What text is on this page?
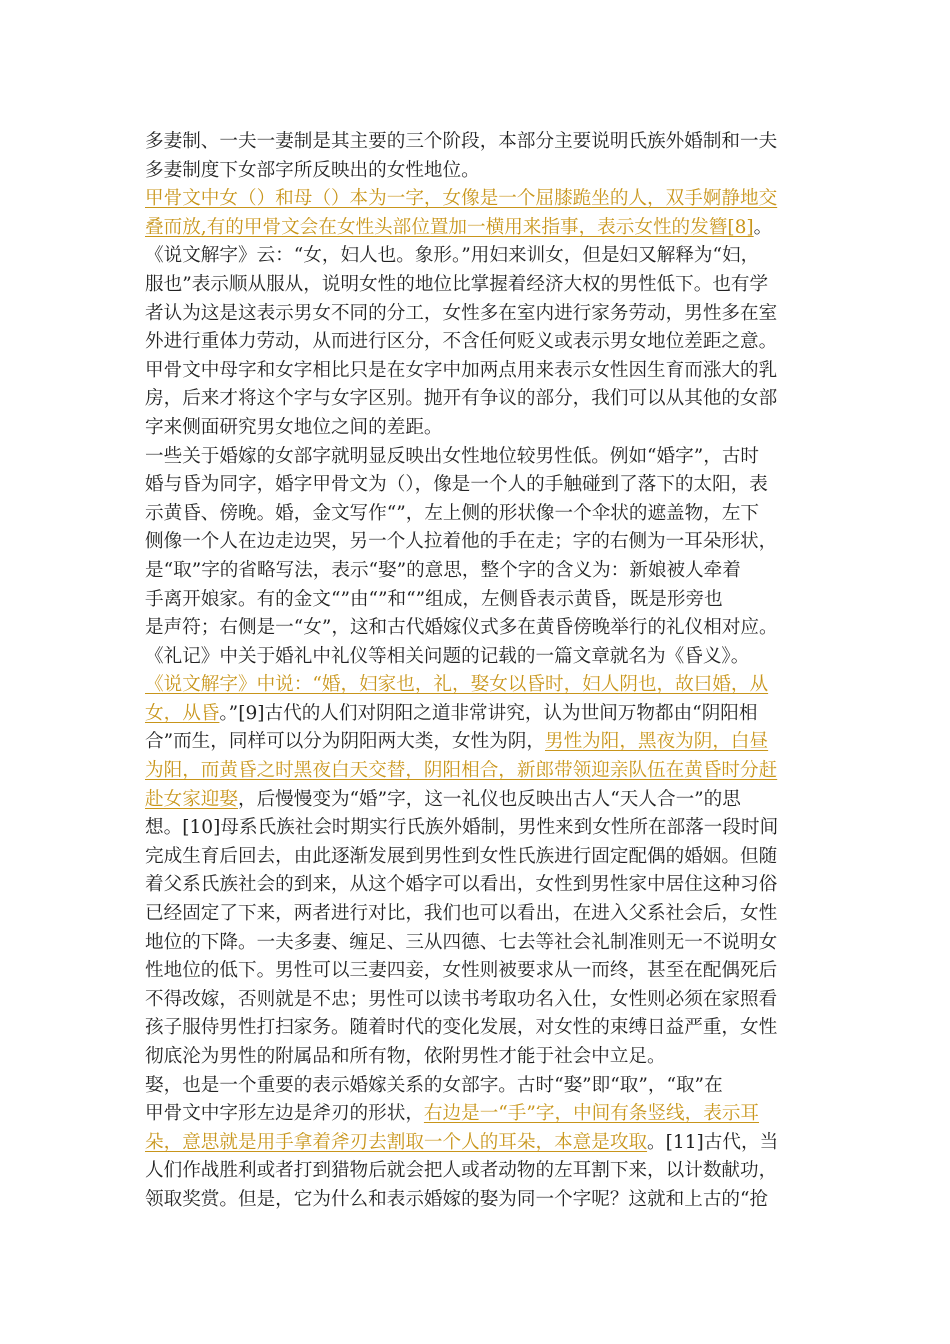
多妻制、一夫一妻制是其主要的三个阶段，本部分主要说明氏族外婚制和一夫
多妻制度下女部字所反映出的女性地位。
甲骨文中女（）和母（）本为一字，女像是一个屈膝跪坐的人，双手婀静地交
叠而放,有的甲骨文会在女性头部位置加一横用来指事，表示女性的发簪[8]。
《说文解字》云：“女，妇人也。象形。”用妇来训女，但是妇又解释为“妇，
服也”表示顺从服从，说明女性的地位比掌握着经济大权的男性低下。也有学
者认为这是这表示男女不同的分工，女性多在室内进行家务劳动，男性多在室
外进行重体力劳动，从而进行区分，不含任何贬义或表示男女地位差距之意。
甲骨文中母字和女字相比只是在女字中加两点用来表示女性因生育而涨大的乳
房，后来才将这个字与女字区别。抛开有争议的部分，我们可以从其他的女部
字来侧面研究男女地位之间的差距。
一些关于婚嫁的女部字就明显反映出女性地位较男性低。例如“婚字”，古时
婚与昏为同字，婚字甲骨文为（），像是一个人的手触碰到了落下的太阳，表
示黄昏、傍晚。婚，金文写作“”，左上侧的形状像一个伞状的遮盖物，左下
侧像一个人在边走边哭，另一个人拉着他的手在走；字的右侧为一耳朵形状，
是“取”字的省略写法，表示“娶”的意思，整个字的含义为：新娘被人牵着
手离开娘家。有的金文“”由“”和“”组成，左侧昏表示黄昏，既是形旁也
是声符；右侧是一“女”，这和古代婚嫁仪式多在黄昏傍晚举行的礼仪相对应。
《礼记》中关于婚礼中礼仪等相关问题的记载的一篇文章就名为《昏义》。
《说文解字》中说：“婚，妇家也，礼，娶女以昏时，妇人阴也，故曰婚，从
女，从昏。”[9]古代的人们对阴阳之道非常讲究，认为世间万物都由“阴阳相
合”而生，同样可以分为阴阳两大类，女性为阴，男性为阳，黑夜为阴，白昼
为阳，而黄昏之时黑夜白天交替，阴阳相合，新郎带领迎亲队伍在黄昏时分赶
赴女家迎娶，后慢慢变为“婚”字，这一礼仪也反映出古人“天人合一”的思
想。[10]母系氏族社会时期实行氏族外婚制，男性来到女性所在部落一段时间
完成生育后回去，由此逐渐发展到男性到女性氏族进行固定配偶的婚姻。但随
着父系氏族社会的到来，从这个婚字可以看出，女性到男性家中居住这种习俗
已经固定了下来，两者进行对比，我们也可以看出，在进入父系社会后，女性
地位的下降。一夫多妻、缠足、三从四德、七去等社会礼制准则无一不说明女
性地位的低下。男性可以三妻四妾，女性则被要求从一而终，甚至在配偶死后
不得改嫁，否则就是不忠；男性可以读书考取功名入仕，女性则必须在家照看
孩子服侍男性打扫家务。随着时代的变化发展，对女性的束缚日益严重，女性
彻底沦为男性的附属品和所有物，依附男性才能于社会中立足。
娶，也是一个重要的表示婚嫁关系的女部字。古时“娶”即“取”，“取”在
甲骨文中字形左边是斧刃的形状，右边是一“手”字，中间有条竖线，表示耳
朵，意思就是用手拿着斧刃去割取一个人的耳朵，本意是攻取。[11]古代，当
人们作战胜利或者打到猎物后就会把人或者动物的左耳割下来，以计数献功，
领取奖赏。但是，它为什么和表示婚嫁的娶为同一个字呢？这就和上古的“抢
